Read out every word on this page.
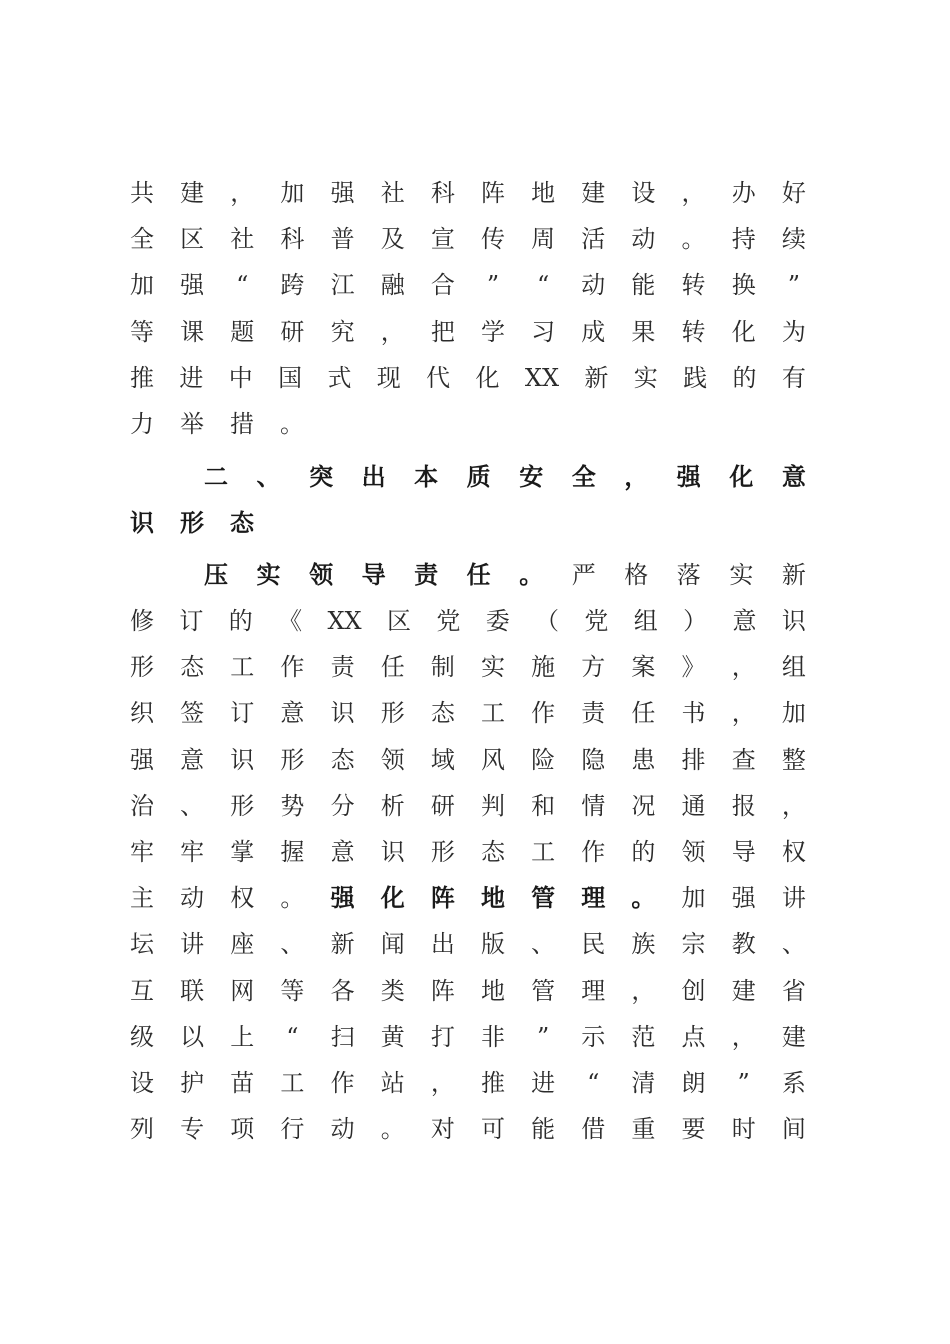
共 建 ， 加 强 社 科 阵 地 建 设 ， 办 好
全 区 社 科 普 及 宣 传 周 活 动 。 持 续
加 强 “ 跨 江 融 合 ” “ 动 能 转 换 ”
等 课 题 研 究 ， 把 学 习 成 果 转 化 为
推 进 中 国 式 现 代 化 XX 新 实 践 的 有
力 举 措 。
二 、 突 出 本 质 安 全 ， 强 化 意
识 形 态
压 实 领 导 责 任 。 严 格 落 实 新
修 订 的 《 XX 区 党 委 （ 党 组 ） 意 识
形 态 工 作 责 任 制 实 施 方 案 》 ， 组
织 签 订 意 识 形 态 工 作 责 任 书 ， 加
强 意 识 形 态 领 域 风 险 隐 患 排 查 整
治 、 形 势 分 析 研 判 和 情 况 通 报 ，
牢 牢 掌 握 意 识 形 态 工 作 的 领 导 权
主 动 权 。 强 化 阵 地 管 理 。 加 强 讲
坛 讲 座 、 新 闻 出 版 、 民 族 宗 教 、
互 联 网 等 各 类 阵 地 管 理 ， 创 建 省
级 以 上 “ 扫 黄 打 非 ” 示 范 点 ， 建
设 护 苗 工 作 站 ， 推 进 “ 清 朗 ” 系
列 专 项 行 动 。 对 可 能 借 重 要 时 间
